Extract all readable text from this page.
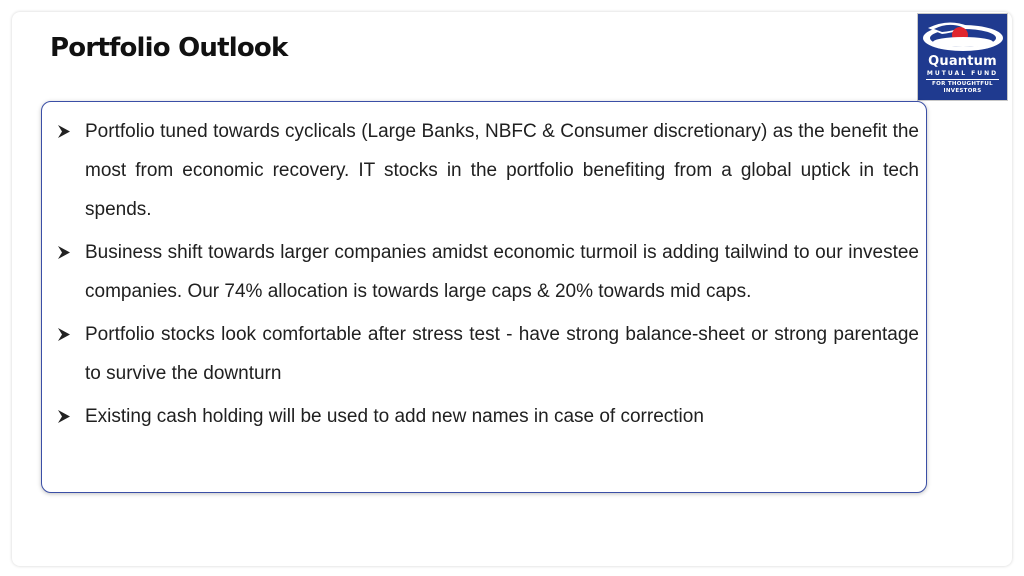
Portfolio Outlook	Quantum
MUTUAL FUND
FOR THOUGHTFUL
INVESTORS
Portfolio tuned towards cyclicals (Large Banks, NBFC & Consumer discretionary) as the benefit the most from economic recovery. IT stocks in the portfolio benefiting from a global uptick in tech spends.
Business shift towards larger companies amidst economic turmoil is adding tailwind to our investee companies. Our 74% allocation is towards large caps & 20% towards mid caps.
Portfolio stocks look comfortable after stress test - have strong balance-sheet or strong parentage to survive the downturn
Existing cash holding will be used to add new names in case of correction
